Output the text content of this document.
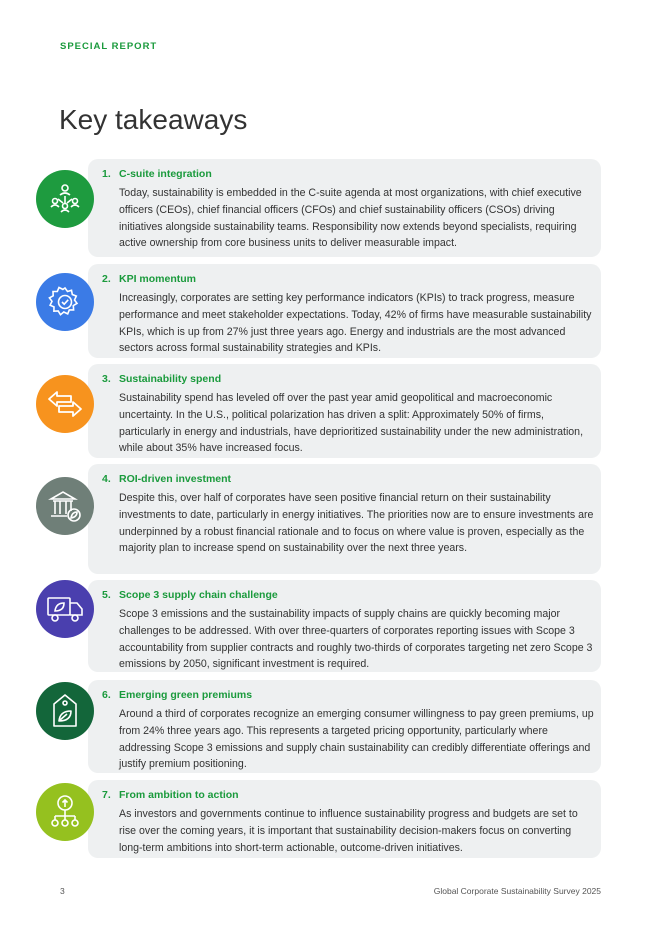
SPECIAL REPORT
Key takeaways
1. C-suite integration
Today, sustainability is embedded in the C-suite agenda at most organizations, with chief executive officers (CEOs), chief financial officers (CFOs) and chief sustainability officers (CSOs) driving initiatives alongside sustainability teams. Responsibility now extends beyond specialists, requiring active ownership from core business units to deliver measurable impact.
2. KPI momentum
Increasingly, corporates are setting key performance indicators (KPIs) to track progress, measure performance and meet stakeholder expectations. Today, 42% of firms have measurable sustainability KPIs, which is up from 27% just three years ago. Energy and industrials are the most advanced sectors across formal sustainability strategies and KPIs.
3. Sustainability spend
Sustainability spend has leveled off over the past year amid geopolitical and macroeconomic uncertainty. In the U.S., political polarization has driven a split: Approximately 50% of firms, particularly in energy and industrials, have deprioritized sustainability under the new administration, while about 35% have increased focus.
4. ROI-driven investment
Despite this, over half of corporates have seen positive financial return on their sustainability investments to date, particularly in energy initiatives. The priorities now are to ensure investments are underpinned by a robust financial rationale and to focus on where value is proven, especially as the majority plan to increase spend on sustainability over the next three years.
5. Scope 3 supply chain challenge
Scope 3 emissions and the sustainability impacts of supply chains are quickly becoming major challenges to be addressed. With over three-quarters of corporates reporting issues with Scope 3 accountability from supplier contracts and roughly two-thirds of corporates targeting net zero Scope 3 emissions by 2050, significant investment is required.
6. Emerging green premiums
Around a third of corporates recognize an emerging consumer willingness to pay green premiums, up from 24% three years ago. This represents a targeted pricing opportunity, particularly where addressing Scope 3 emissions and supply chain sustainability can credibly differentiate offerings and justify premium positioning.
7. From ambition to action
As investors and governments continue to influence sustainability progress and budgets are set to rise over the coming years, it is important that sustainability decision-makers focus on converting long-term ambitions into short-term actionable, outcome-driven initiatives.
3	Global Corporate Sustainability Survey 2025
